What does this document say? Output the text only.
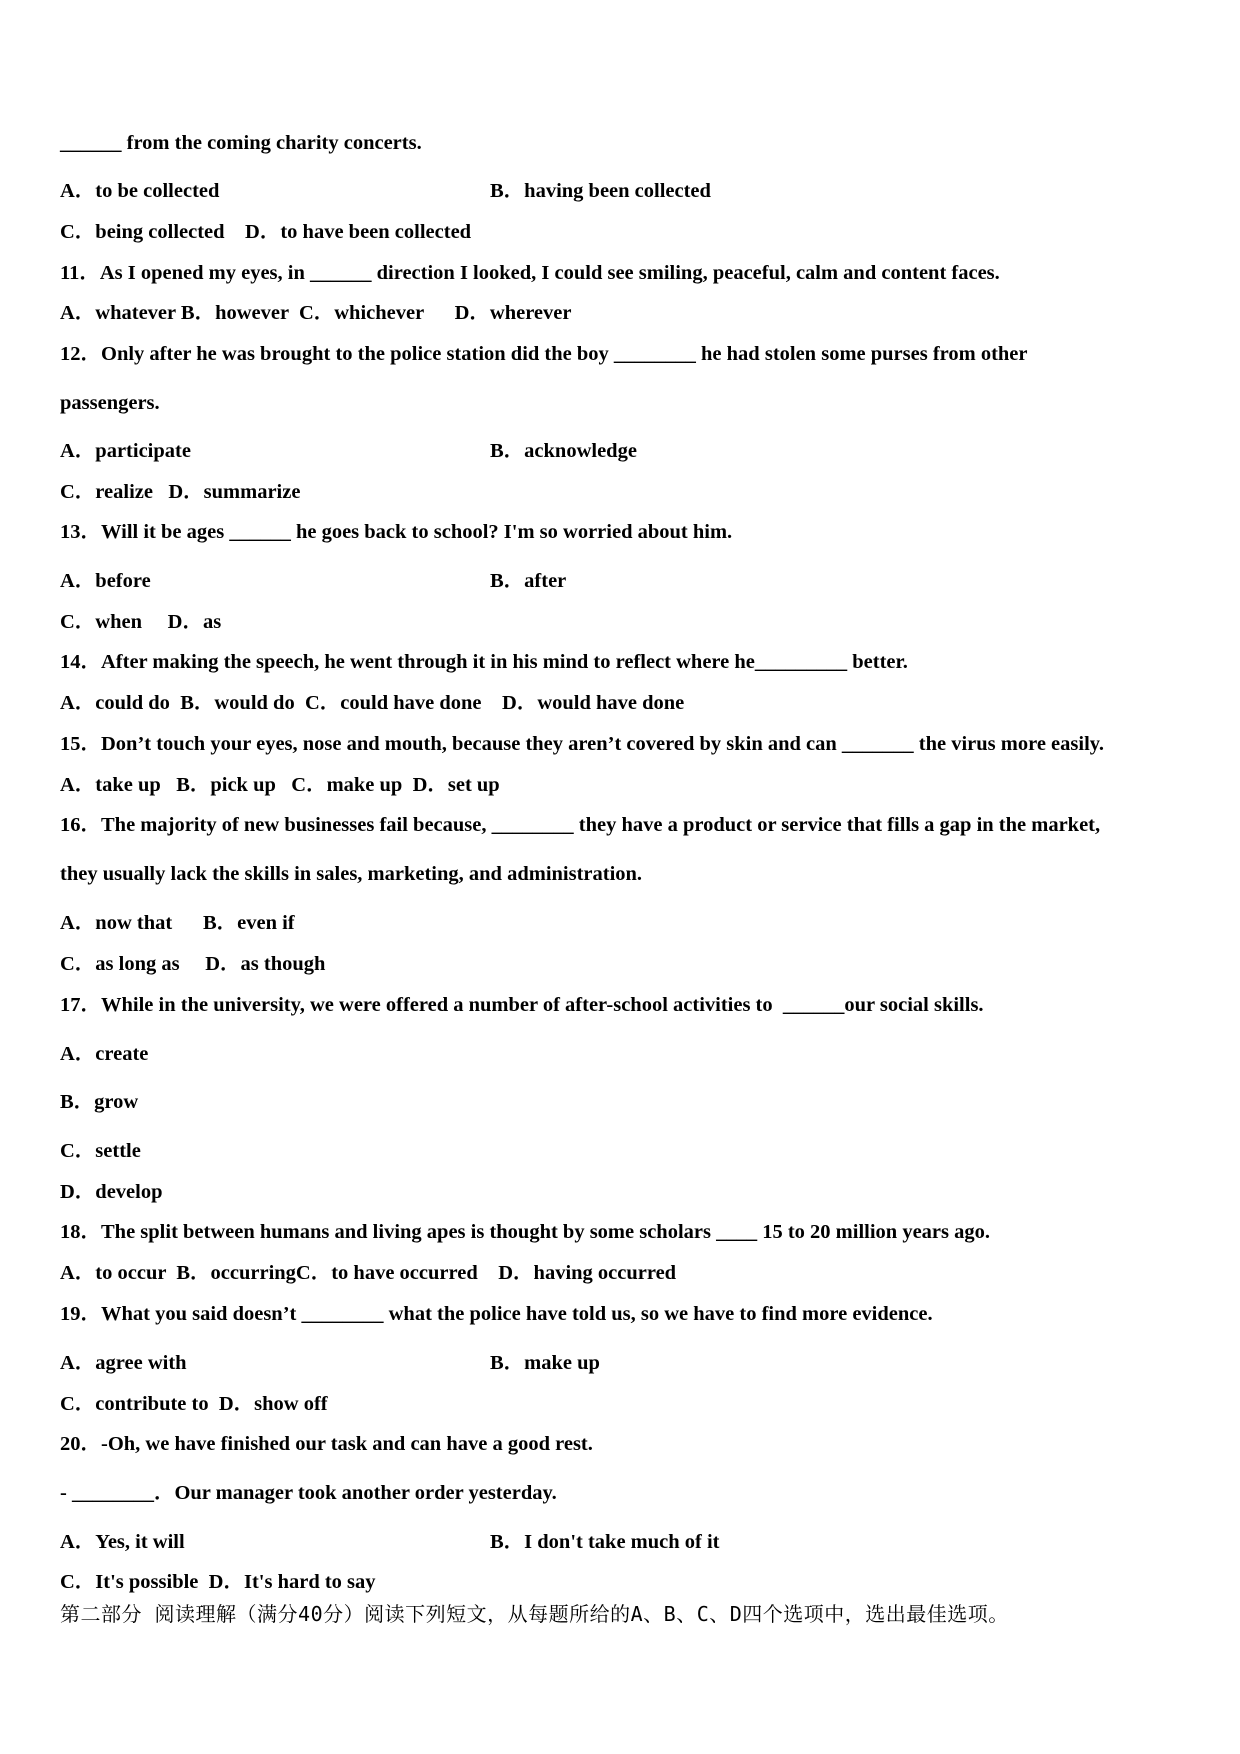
______ from the coming charity concerts.
A．to be collected	B．having been collected
C．being collected D．to have been collected
11．As I opened my eyes, in ______ direction I looked, I could see smiling, peaceful, calm and content faces.
A．whatever B．however C．whichever D．wherever
12．Only after he was brought to the police station did the boy ________ he had stolen some purses from other
passengers.
A．participate	B．acknowledge
C．realize D．summarize
13．Will it be ages ______ he goes back to school? I'm so worried about him.
A．before	B．after
C．when D．as
14．After making the speech, he went through it in his mind to reflect where he_________ better.
A．could do B．would do C．could have done D．would have done
15．Don’t touch your eyes, nose and mouth, because they aren’t covered by skin and can _______ the virus more easily.
A．take up B．pick up C．make up D．set up
16．The majority of new businesses fail because, ________ they have a product or service that fills a gap in the market,
they usually lack the skills in sales, marketing, and administration.
A．now that B．even if
C．as long as D．as though
17．While in the university, we were offered a number of after-school activities to  ______our social skills.
A．create
B．grow
C．settle
D．develop
18．The split between humans and living apes is thought by some scholars ____ 15 to 20 million years ago.
A．to occur B．occurringC．to have occurred D．having occurred
19．What you said doesn’t ________ what the police have told us, so we have to find more evidence.
A．agree with	B．make up
C．contribute to D．show off
20．-Oh, we have finished our task and can have a good rest.
- ________．Our manager took another order yesterday.
A．Yes, it will	B．I don't take much of it
C．It's possible D．It's hard to say
第二部分 阅读理解（满分40分）阅读下列短文，从每题所给的A、B、C、D四个选项中，选出最佳选项。
